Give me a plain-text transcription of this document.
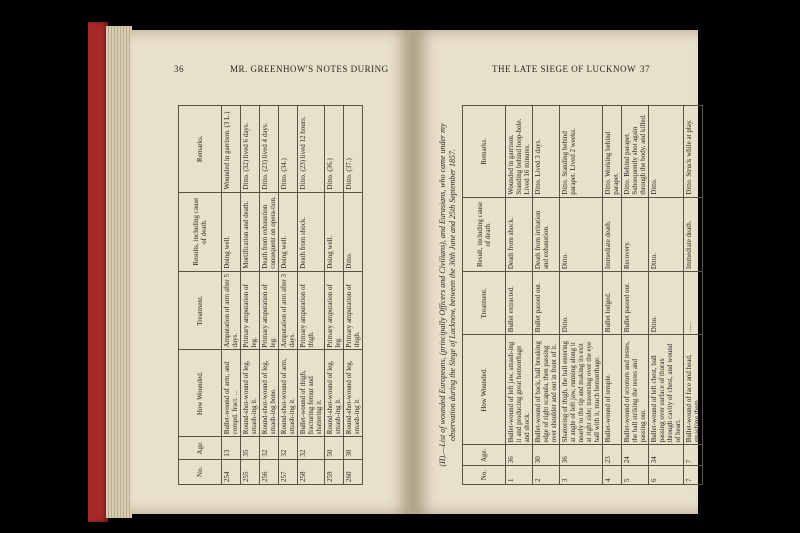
36	MR. GREENHOW'S NOTES DURING
No.	Age.	How Wounded.	Treatment.	Results, including cause of death.	Remarks.
254	13	Bullet-wound of arm, and compd. fract. ...	Amputation of arm after 5 days.	Doing well.	Wounded in garrison. (3 L.)
255	35	Round-shot-wound of leg, smash-ing it.	Primary amputation of leg.	Mortification and death.	Ditto. (32) lived 6 days.
256	32	Round-shot-wound of leg, smash-ing bone.	Primary amputation of leg.	Death from exhaustion consequent on opera-tion.	Ditto. (23) lived 4 days.
257	32	Round-shot-wound of arm, smash-ing it.	Amputation of arm after 3 days.	Doing well.	Ditto. (34.)
258	32	Bullet-wound of thigh, fracturing femur and shattering it.	Primary amputation of thigh.	Death from shock.	Ditto. (23) lived 12 hours.
259	50	Round-shot-wound of leg, smash-ing it.	Primary amputation of leg.	Doing well.	Ditto. (36.)
260	30	Round-shot-wound of leg, smash-ing it.	Primary amputation of thigh.	Ditto.	Ditto. (37.)
THE LATE SIEGE OF LUCKNOW 37
(II).—List of wounded Europeans, (principally Officers and Civilians), and Eurasians, who came under my observation during the Siege of Lucknow, between the 30th June and 25th September 1857.
No.	Age.	How Wounded.	Treatment.	Result, including cause of death.	Remarks.
1	36	Bullet-wound of left jaw, smash-ing it and producing great hemorrhage and shock.	Bullet extracted.	Death from shock.	Wounded in garrison. Standing behind loop-hole. Lived 16 minutes.
2	30	Bullet-wound of back, ball breaking edge of right scapula, then passing over shoulder and out in front of it.	Bullet passed out.	Death from irritation and exhaustion.	Ditto. Lived 3 days.
3	36	Shattering of thigh, the ball entering at angle of left jaw, running along it nearly to the tip and making its exit at right side; traversing over the eye ball with it, much hemorrhage.	Ditto.	Ditto.	Ditto. Standing behind parapet. Lived 2 weeks.
4	23	Bullet-wound of temple.	Bullet lodged.	Immediate death.	Ditto. Working behind parapet.
5	24	Bullet-wound of scrotum and testes, the ball striking the testes and passing out.	Bullet passed out.	Recovery.	Ditto. Behind parapet. Subsequently shot again through the body, and killed.
6	34	Bullet-wound of left chest, ball passing over surface of thorax through cavity of chest, and wound of heart.	Ditto.	Ditto.	Ditto.
7	7	Bullet-wound of face and head, smashing them.	......	Immediate death.	Ditto. Struck while at play.
